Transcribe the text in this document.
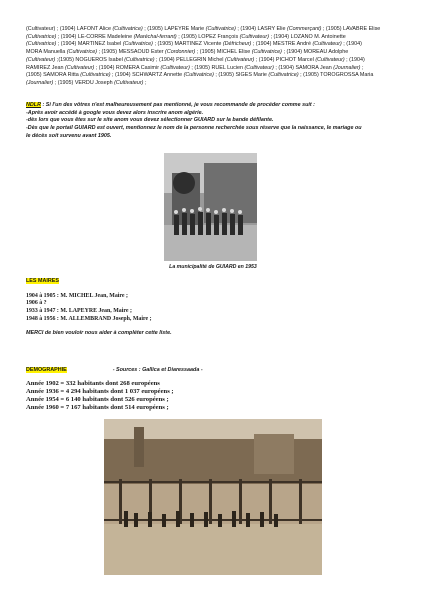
(Cultivateur) ; (1904) LAFONT Alice (Cultivatrice) ; (1905) LAPEYRE Marie (Cultivatrice) ; (1904) LASRY Elie (Commerçant) ; (1905) LAVABRE Elise
(Cultivatrice) ; (1904) LE-CORRE Madeleine (Maréchal-ferrant) ; (1905) LOPEZ François (Cultivateur) ; (1904) LOZANO M. Antoinette
(Cultivatrice) ; (1904) MARTINEZ Isabel (Cultivatrice) ; (1905) MARTINEZ Vicente (Défricheur) ; (1904) MESTRE André (Cultivateur) ; (1904)
MORA Manuella (Cultivatrice) ; (1905) MESSAOUD Ester (Cordonnier) ; (1905) MICHEL Elise (Cultivatrice) ; (1904) MOREAU Adolphe
(Cultivateur) ;(1905) NOGUEROS Isabel (Cultivatrice) ; (1904) PELLEGRIN Michel (Cultivateur) ; (1904) PICHOT Marcel (Cultivateur) ; (1904)
RAMIREZ Jean (Cultivateur) ; (1904) ROMERA Casimir (Cultivateur) ; (1905) RUEL Lucien (Cultivateur) ; (1904) SAMORA Jean (Journalier) ;
(1905) SAMORA Ritta (Cultivatrice) ; (1904) SCHWARTZ Annette (Cultivatrice) ; (1905) SIGES Marie (Cultivatrice) ; (1905) TOROGROSSA Maria
(Journalier) ; (1905) VERDU Joseph (Cultivateur) ;
NDLR : Si l'un des vôtres n'est malheureusement pas mentionné, je vous recommande de procéder comme suit :
-Après avoir accédé à google vous devez alors inscrire anom algérie.
-dès lors que vous êtes sur le site anom vous devez sélectionner GUIARD sur la bande défilante.
-Dès que le portail GUIARD est ouvert, mentionnez le nom de la personne recherchée sous réserve que la naissance, le mariage ou
le décès soit survenu avant 1905.
La municipalité de GUIARD en 1953
LES MAIRES
1904 à 1905 : M. MICHEL Jean, Maire ;
1906 à ?
1933 à 1947 : M. LAPEYRE Jean, Maire ;
1948 à 1956 : M. ALLEMBRAND Joseph, Maire ;
MERCI de bien vouloir nous aider à compléter cette liste.
DEMOGRAPHIE	- Sources : Gallica et Diaressaada -
Année 1902 = 332 habitants dont 268 européens
Année 1936 = 4 294 habitants dont 1 037 européens ;
Année 1954 = 6 140 habitants dont 526 européens ;
Année 1960 = 7 167 habitants dont 514 européens ;
